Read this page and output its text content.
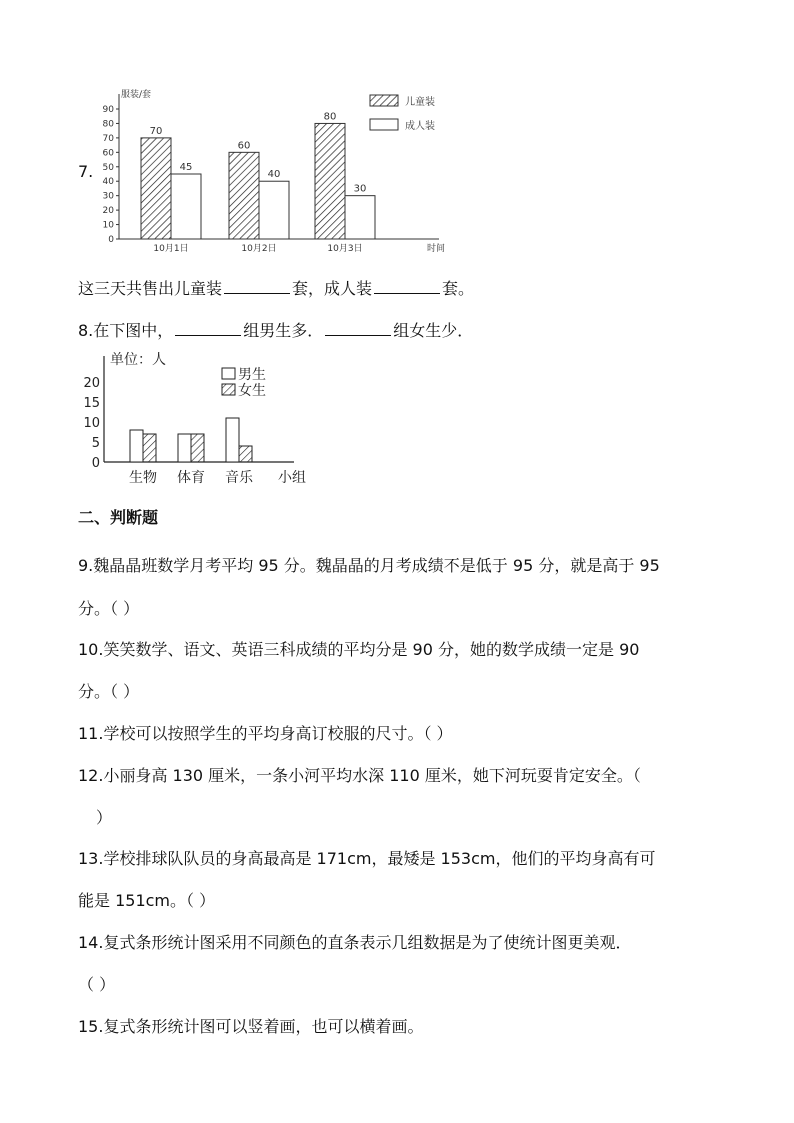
7.
0
10
20
30
40
50
60
70
80
90
服装/套
时间
70
45
10月1日
60
40
10月2日
80
30
10月3日
儿童装
成人装
这三天共售出儿童装	套，成人装	套。
8.在下图中，	组男生多．	组女生少．
单位：人
0
5
10
15
20
生物 体育 音乐 小组
男生
女生
二、判断题
9.魏晶晶班数学月考平均 95 分。魏晶晶的月考成绩不是低于 95 分，就是高于 95
分。（ ）
10.笑笑数学、语文、英语三科成绩的平均分是 90 分，她的数学成绩一定是 90
分。（ ）
11.学校可以按照学生的平均身高订校服的尺寸。（ ）
12.小丽身高 130 厘米，一条小河平均水深 110 厘米，她下河玩耍肯定安全。（
）
13.学校排球队队员的身高最高是 171cm，最矮是 153cm，他们的平均身高有可
能是 151cm。（ ）
14.复式条形统计图采用不同颜色的直条表示几组数据是为了使统计图更美观．
（ ）
15.复式条形统计图可以竖着画，也可以横着画。
